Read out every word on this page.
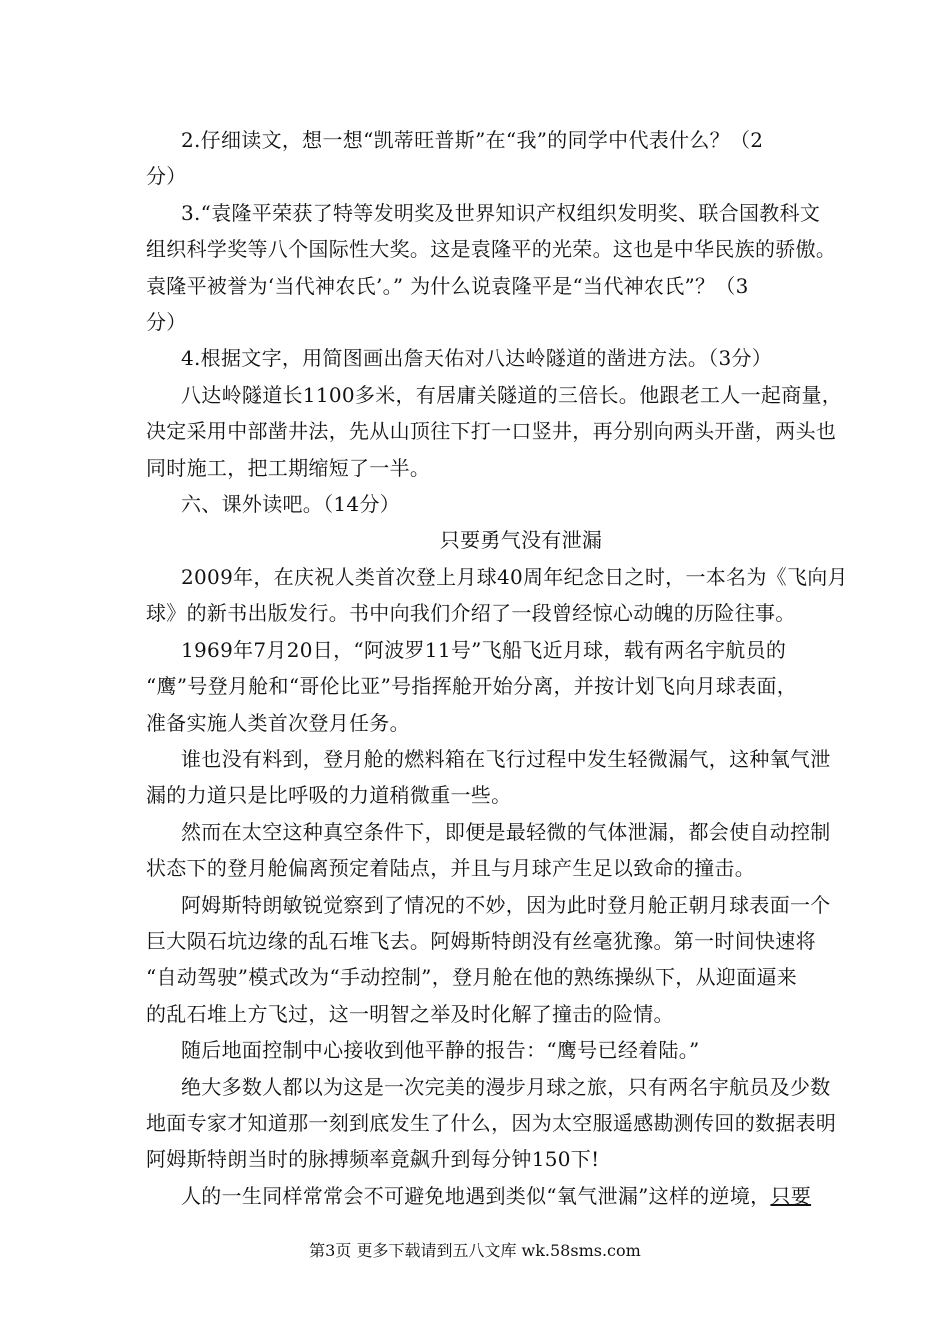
2.仔细读文，想一想“凯蒂旺普斯”在“我”的同学中代表什么？（2
分）
3.“袁隆平荣获了特等发明奖及世界知识产权组织发明奖、联合国教科文
组织科学奖等八个国际性大奖。这是袁隆平的光荣。这也是中华民族的骄傲。
袁隆平被誉为‘当代神农氏’。” 为什么说袁隆平是“当代神农氏”？（3
分）
4.根据文字，用简图画出詹天佑对八达岭隧道的凿进方法。（3分）
八达岭隧道长1100多米，有居庸关隧道的三倍长。他跟老工人一起商量，
决定采用中部凿井法，先从山顶往下打一口竖井，再分别向两头开凿，两头也
同时施工，把工期缩短了一半。
六、课外读吧。（14分）
只要勇气没有泄漏
2009年，在庆祝人类首次登上月球40周年纪念日之时，一本名为《飞向月
球》的新书出版发行。书中向我们介绍了一段曾经惊心动魄的历险往事。
1969年7月20日，“阿波罗11号”飞船飞近月球，载有两名宇航员的
“鹰”号登月舱和“哥伦比亚”号指挥舱开始分离，并按计划飞向月球表面，
准备实施人类首次登月任务。
谁也没有料到，登月舱的燃料箱在飞行过程中发生轻微漏气，这种氧气泄
漏的力道只是比呼吸的力道稍微重一些。
然而在太空这种真空条件下，即便是最轻微的气体泄漏，都会使自动控制
状态下的登月舱偏离预定着陆点，并且与月球产生足以致命的撞击。
阿姆斯特朗敏锐觉察到了情况的不妙，因为此时登月舱正朝月球表面一个
巨大陨石坑边缘的乱石堆飞去。阿姆斯特朗没有丝毫犹豫。第一时间快速将
“自动驾驶”模式改为“手动控制”，登月舱在他的熟练操纵下，从迎面逼来
的乱石堆上方飞过，这一明智之举及时化解了撞击的险情。
随后地面控制中心接收到他平静的报告：“鹰号已经着陆。”
绝大多数人都以为这是一次完美的漫步月球之旅，只有两名宇航员及少数
地面专家才知道那一刻到底发生了什么，因为太空服遥感勘测传回的数据表明
阿姆斯特朗当时的脉搏频率竟飙升到每分钟150下!
人的一生同样常常会不可避免地遇到类似“氧气泄漏”这样的逆境，只要
第3页 更多下载请到五八文库 wk.58sms.com
